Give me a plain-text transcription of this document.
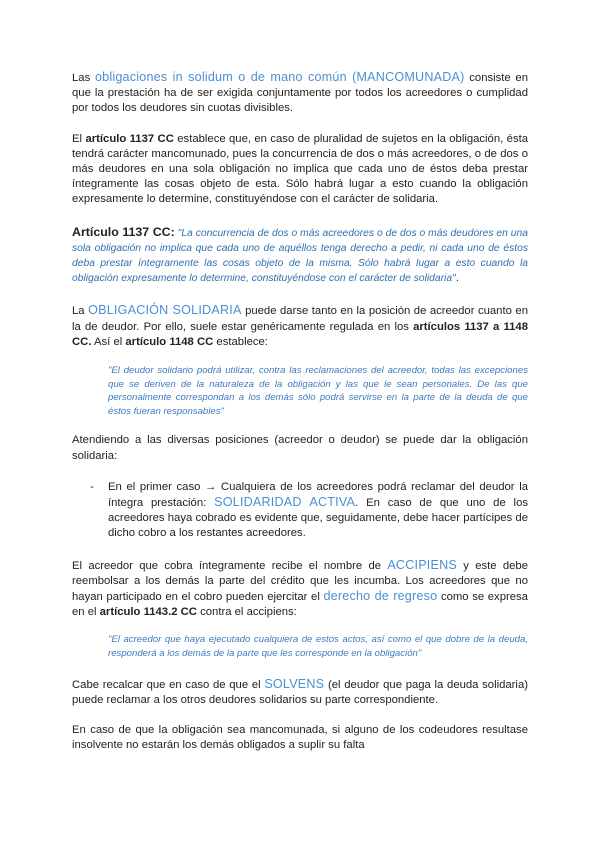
Las obligaciones in solidum o de mano común (MANCOMUNADA) consiste en que la prestación ha de ser exigida conjuntamente por todos los acreedores o cumplidad por todos los deudores sin cuotas divisibles.

El artículo 1137 CC establece que, en caso de pluralidad de sujetos en la obligación, ésta tendrá carácter mancomunado, pues la concurrencia de dos o más acreedores, o de dos o más deudores en una sola obligación no implica que cada uno de éstos deba prestar íntegramente las cosas objeto de esta. Sólo habrá lugar a esto cuando la obligación expresamente lo determine, constituyéndose con el carácter de solidaria.

Artículo 1137 CC: "La concurrencia de dos o más acreedores o de dos o más deudores en una sola obligación no implica que cada uno de aquéllos tenga derecho a pedir, ni cada uno de éstos deba prestar íntegramente las cosas objeto de la misma. Sólo habrá lugar a esto cuando la obligación expresamente lo determine, constituyéndose con el carácter de solidaria".

La OBLIGACIÓN SOLIDARIA puede darse tanto en la posición de acreedor cuanto en la de deudor. Por ello, suele estar genéricamente regulada en los artículos 1137 a 1148 CC. Así el artículo 1148 CC establece:

"El deudor solidario podrá utilizar, contra las reclamaciones del acreedor, todas las excepciones que se deriven de la naturaleza de la obligación y las que le sean personales. De las que personalmente correspondan a los demás sólo podrá servirse en la parte de la deuda de que éstos fueran responsables"

Atendiendo a las diversas posiciones (acreedor o deudor) se puede dar la obligación solidaria:

-	En el primer caso → Cualquiera de los acreedores podrá reclamar del deudor la íntegra prestación: SOLIDARIDAD ACTIVA. En caso de que uno de los acreedores haya cobrado es evidente que, seguidamente, debe hacer partícipes de dicho cobro a los restantes acreedores.

El acreedor que cobra íntegramente recibe el nombre de ACCIPIENS y este debe reembolsar a los demás la parte del crédito que les incumba. Los acreedores que no hayan participado en el cobro pueden ejercitar el derecho de regreso como se expresa en el artículo 1143.2 CC contra el accipiens:

"El acreedor que haya ejecutado cualquiera de estos actos, así como el que dobre de la deuda, responderá a los demás de la parte que les corresponde en la obligación"

Cabe recalcar que en caso de que el SOLVENS (el deudor que paga la deuda solidaria) puede reclamar a los otros deudores solidarios su parte correspondiente.

En caso de que la obligación sea mancomunada, si alguno de los codeudores resultase insolvente no estarán los demás obligados a suplir su falta
